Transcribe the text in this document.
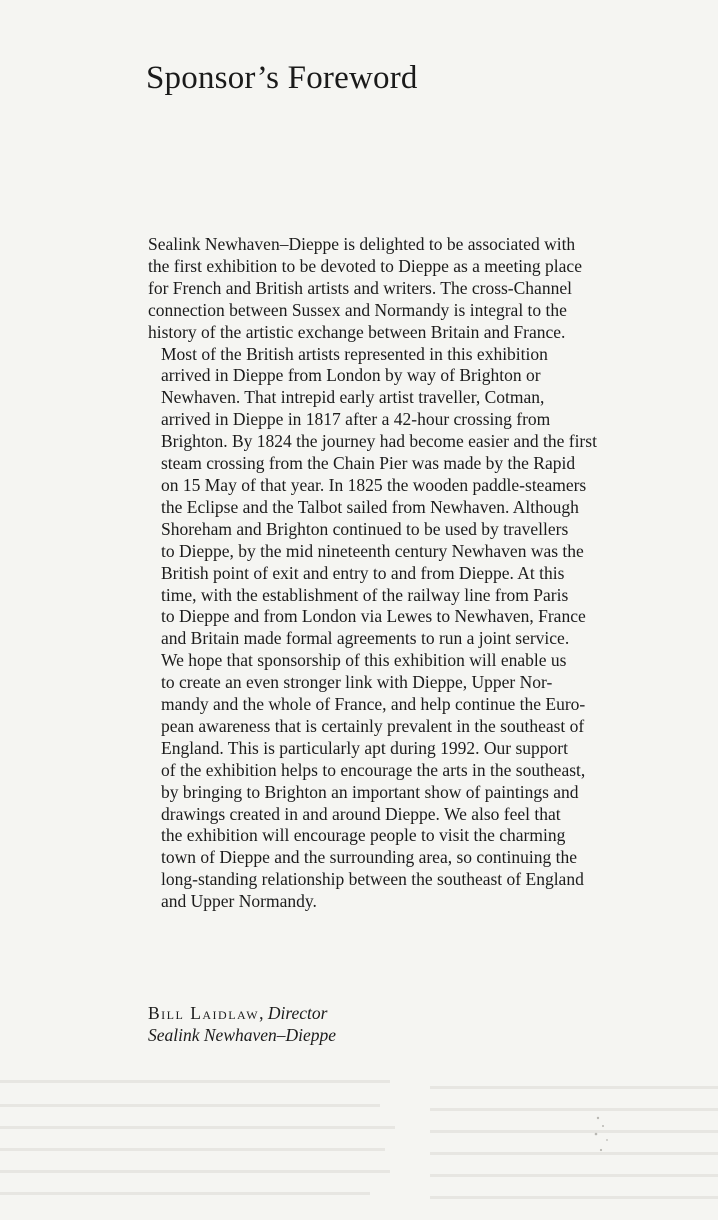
Sponsor’s Foreword

Sealink Newhaven–Dieppe is delighted to be associated with
the first exhibition to be devoted to Dieppe as a meeting place
for French and British artists and writers. The cross-Channel
connection between Sussex and Normandy is integral to the
history of the artistic exchange between Britain and France.

Most of the British artists represented in this exhibition
arrived in Dieppe from London by way of Brighton or
Newhaven. That intrepid early artist traveller, Cotman,
arrived in Dieppe in 1817 after a 42-hour crossing from
Brighton. By 1824 the journey had become easier and the first
steam crossing from the Chain Pier was made by the Rapid
on 15 May of that year. In 1825 the wooden paddle-steamers
the Eclipse and the Talbot sailed from Newhaven. Although
Shoreham and Brighton continued to be used by travellers
to Dieppe, by the mid nineteenth century Newhaven was the
British point of exit and entry to and from Dieppe. At this
time, with the establishment of the railway line from Paris
to Dieppe and from London via Lewes to Newhaven, France
and Britain made formal agreements to run a joint service.

We hope that sponsorship of this exhibition will enable us
to create an even stronger link with Dieppe, Upper Nor-
mandy and the whole of France, and help continue the Euro-
pean awareness that is certainly prevalent in the southeast of
England. This is particularly apt during 1992. Our support
of the exhibition helps to encourage the arts in the southeast,
by bringing to Brighton an important show of paintings and
drawings created in and around Dieppe. We also feel that
the exhibition will encourage people to visit the charming
town of Dieppe and the surrounding area, so continuing the
long-standing relationship between the southeast of England
and Upper Normandy.

Bill Laidlaw, Director
Sealink Newhaven–Dieppe
